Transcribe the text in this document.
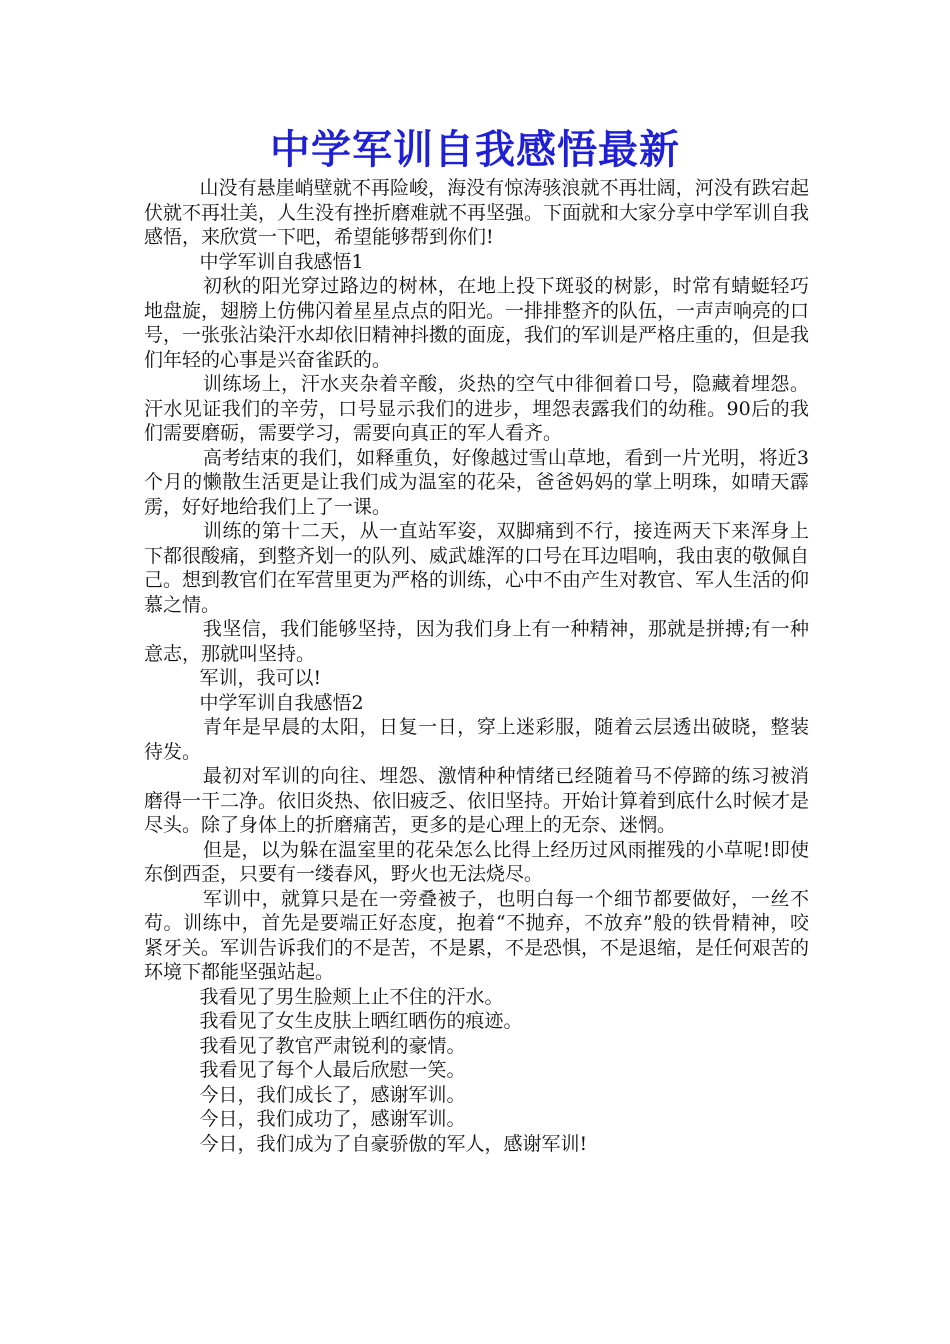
中学军训自我感悟最新

山没有悬崖峭壁就不再险峻，海没有惊涛骇浪就不再壮阔，河没有跌宕起伏就不再壮美，人生没有挫折磨难就不再坚强。下面就和大家分享中学军训自我感悟，来欣赏一下吧，希望能够帮到你们!

中学军训自我感悟1

初秋的阳光穿过路边的树林，在地上投下斑驳的树影，时常有蜻蜓轻巧地盘旋，翅膀上仿佛闪着星星点点的阳光。一排排整齐的队伍，一声声响亮的口号，一张张沾染汗水却依旧精神抖擞的面庞，我们的军训是严格庄重的，但是我们年轻的心事是兴奋雀跃的。

训练场上，汗水夹杂着辛酸，炎热的空气中徘徊着口号，隐藏着埋怨。汗水见证我们的辛劳，口号显示我们的进步，埋怨表露我们的幼稚。90后的我们需要磨砺，需要学习，需要向真正的军人看齐。

高考结束的我们，如释重负，好像越过雪山草地，看到一片光明，将近3个月的懒散生活更是让我们成为温室的花朵，爸爸妈妈的掌上明珠，如晴天霹雳，好好地给我们上了一课。

训练的第十二天，从一直站军姿，双脚痛到不行，接连两天下来浑身上下都很酸痛，到整齐划一的队列、威武雄浑的口号在耳边唱响，我由衷的敬佩自己。想到教官们在军营里更为严格的训练，心中不由产生对教官、军人生活的仰慕之情。

我坚信，我们能够坚持，因为我们身上有一种精神，那就是拼搏;有一种意志，那就叫坚持。

军训，我可以!

中学军训自我感悟2

青年是早晨的太阳，日复一日，穿上迷彩服，随着云层透出破晓，整装待发。

最初对军训的向往、埋怨、激情种种情绪已经随着马不停蹄的练习被消磨得一干二净。依旧炎热、依旧疲乏、依旧坚持。开始计算着到底什么时候才是尽头。除了身体上的折磨痛苦，更多的是心理上的无奈、迷惘。

但是，以为躲在温室里的花朵怎么比得上经历过风雨摧残的小草呢!即使东倒西歪，只要有一缕春风，野火也无法烧尽。

军训中，就算只是在一旁叠被子，也明白每一个细节都要做好，一丝不苟。训练中，首先是要端正好态度，抱着“不抛弃，不放弃”般的铁骨精神，咬紧牙关。军训告诉我们的不是苦，不是累，不是恐惧，不是退缩，是任何艰苦的环境下都能坚强站起。

我看见了男生脸颊上止不住的汗水。

我看见了女生皮肤上晒红晒伤的痕迹。

我看见了教官严肃锐利的豪情。

我看见了每个人最后欣慰一笑。

今日，我们成长了，感谢军训。

今日，我们成功了，感谢军训。

今日，我们成为了自豪骄傲的军人，感谢军训!
